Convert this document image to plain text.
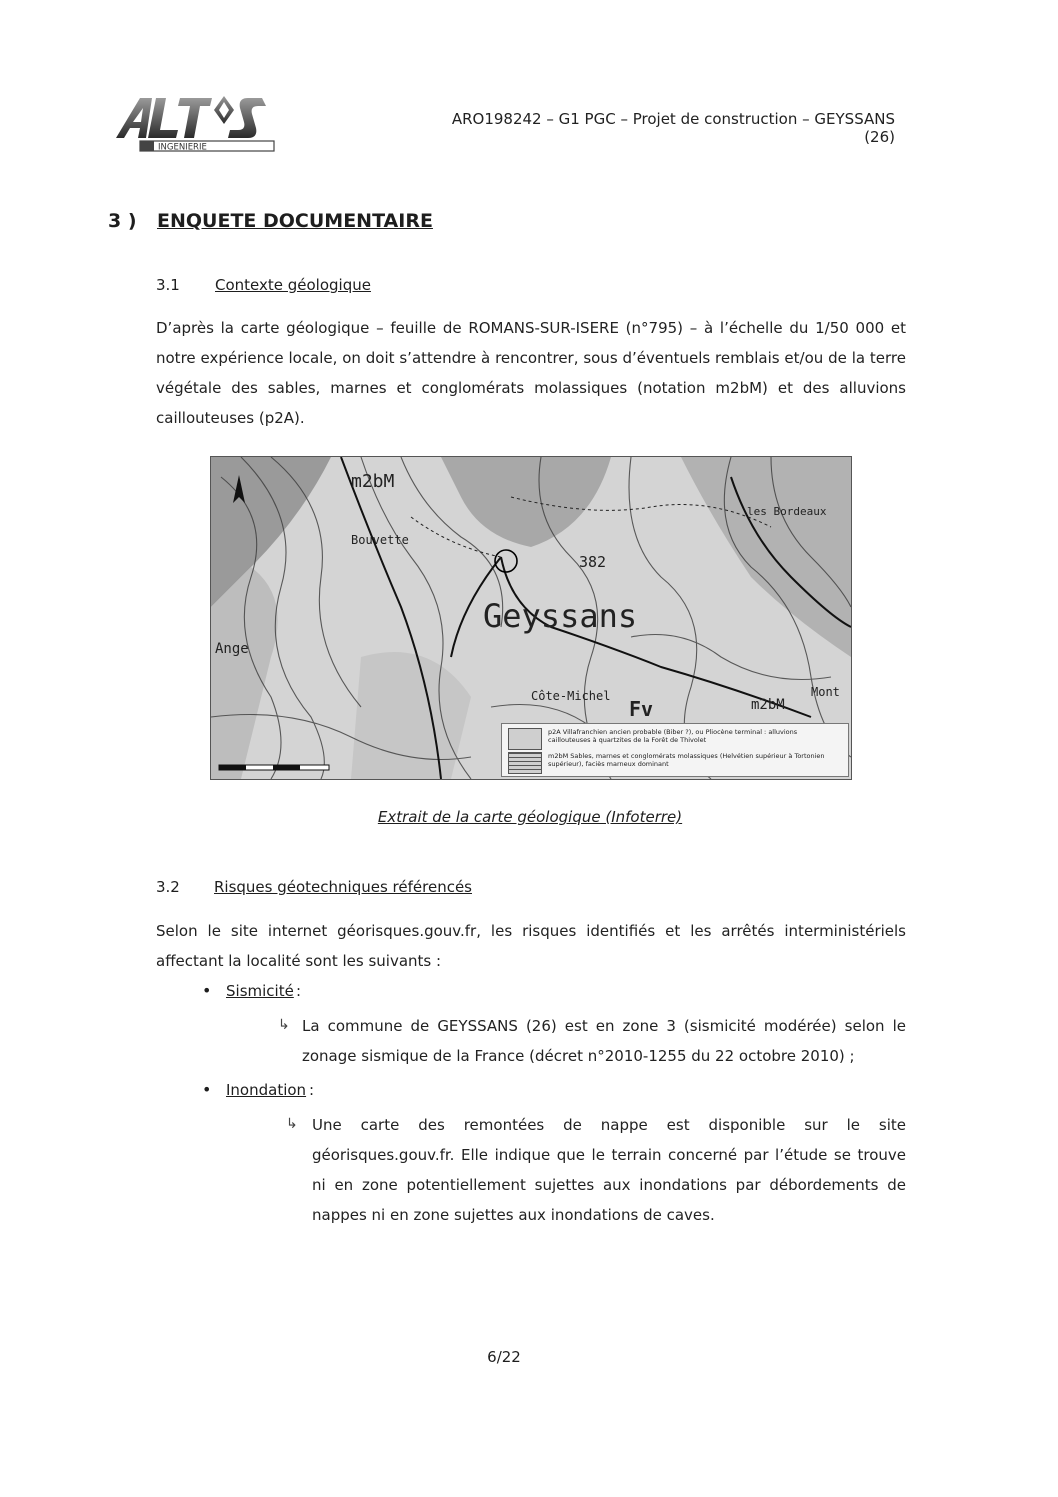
INGENIERIE
ARO198242 – G1 PGC – Projet de construction – GEYSSANS (26)
3 ) ENQUETE DOCUMENTAIRE
3.1 Contexte géologique
D’après la carte géologique – feuille de ROMANS-SUR-ISERE (n°795) – à l’échelle du 1/50 000 et notre expérience locale, on doit s’attendre à rencontrer, sous d’éventuels remblais et/ou de la terre végétale des sables, marnes et conglomérats molassiques (notation m2bM) et des alluvions caillouteuses (p2A).
Geyssans
m2bM
m2bM
382
Fv
Ange
Côte-Michel
les Bordeaux
Mont
Bouvette
p2A Villafranchien ancien probable (Biber ?), ou Pliocène terminal : alluvions caillouteuses à quartzites de la Forêt de Thivolet
m2bM Sables, marnes et conglomérats molassiques (Helvétien supérieur à Tortonien supérieur), faciès marneux dominant
Extrait de la carte géologique (Infoterre)
3.2 Risques géotechniques référencés
Selon le site internet géorisques.gouv.fr, les risques identifiés et les arrêtés interministériels affectant la localité sont les suivants :
• Sismicité :
↳ La commune de GEYSSANS (26) est en zone 3 (sismicité modérée) selon le zonage sismique de la France (décret n°2010-1255 du 22 octobre 2010) ;
• Inondation :
↳ Une carte des remontées de nappe est disponible sur le site géorisques.gouv.fr. Elle indique que le terrain concerné par l’étude se trouve ni en zone potentiellement sujettes aux inondations par débordements de nappes ni en zone sujettes aux inondations de caves.
6/22
